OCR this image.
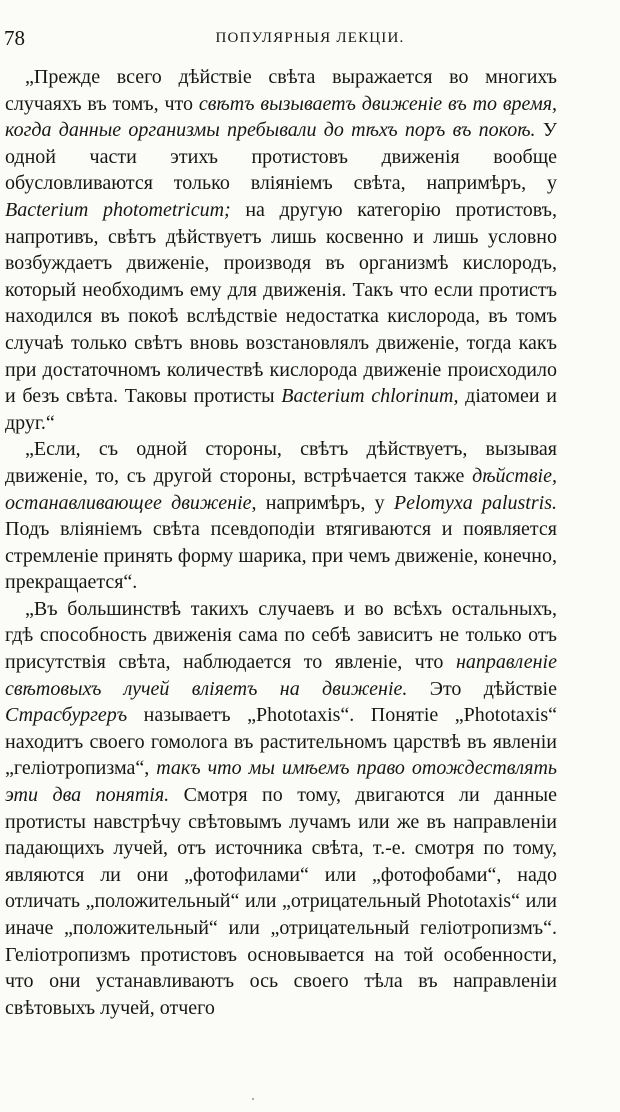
78	ПОПУЛЯРНЫЯ ЛЕКЦІИ.

„Прежде всего дѣйствіе свѣта выражается во многихъ случаяхъ въ томъ, что свѣтъ вызываетъ движеніе въ то время, когда данные организмы пребывали до тѣхъ поръ въ покоѣ. У одной части этихъ протистовъ движенія вообще обусловливаются только вліяніемъ свѣта, напримѣръ, у Bacterium photometricum; на другую категорію протистовъ, напротивъ, свѣтъ дѣйствуетъ лишь косвенно и лишь условно возбуждаетъ движеніе, производя въ организмѣ кислородъ, который необходимъ ему для движенія. Такъ что если протистъ находился въ покоѣ вслѣдствіе недостатка кислорода, въ томъ случаѣ только свѣтъ вновь возстановлялъ движеніе, тогда какъ при достаточномъ количествѣ кислорода движеніе происходило и безъ свѣта. Таковы протисты Bacterium chlorinum, діатомеи и друг.“

„Если, съ одной стороны, свѣтъ дѣйствуетъ, вызывая движеніе, то, съ другой стороны, встрѣчается также дѣйствіе, останавливающее движеніе, напримѣръ, у Pelomyxa palustris. Подъ вліяніемъ свѣта псевдоподіи втягиваются и появляется стремленіе принять форму шарика, при чемъ движеніе, конечно, прекращается“.

„Въ большинствѣ такихъ случаевъ и во всѣхъ остальныхъ, гдѣ способность движенія сама по себѣ зависитъ не только отъ присутствія свѣта, наблюдается то явленіе, что направленіе свѣтовыхъ лучей вліяетъ на движеніе. Это дѣйствіе Страсбургеръ называетъ „Phototaxis“. Понятіе „Phototaxis“ находитъ своего гомолога въ растительномъ царствѣ въ явленіи „геліотропизма“, такъ что мы имѣемъ право отождествлять эти два понятія. Смотря по тому, двигаются ли данные протисты навстрѣчу свѣтовымъ лучамъ или же въ направленіи падающихъ лучей, отъ источника свѣта, т.-е. смотря по тому, являются ли они „фотофилами“ или „фотофобами“, надо отличать „положительный“ или „отрицательный Phototaxis“ или иначе „положительный“ или „отрицательный геліотропизмъ“. Геліотропизмъ протистовъ основывается на той особенности, что они устанавливаютъ ось своего тѣла въ направленіи свѣтовыхъ лучей, отчего
